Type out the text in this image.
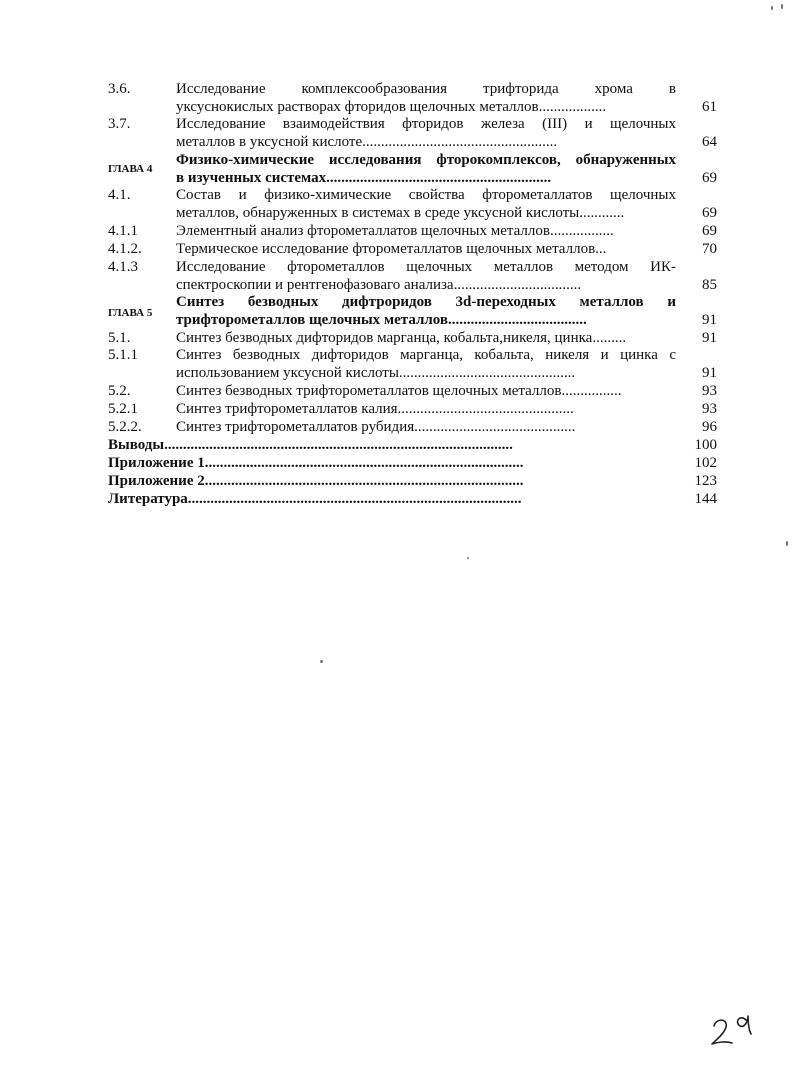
3.6.	Исследование комплексообразования трифторида хрома в
уксуснокислых растворах фторидов щелочных металлов..................	61
3.7.	Исследование взаимодействия фторидов железа (III) и щелочных
металлов в уксусной кислоте....................................................	64
ГЛАВА 4
Физико-химические исследования фторокомплексов, обнаруженных
в изученных системах............................................................	69
4.1.	Состав и физико-химические свойства фторометаллатов щелочных
металлов, обнаруженных в системах в среде уксусной кислоты............	69
4.1.1	Элементный анализ фторометаллатов щелочных металлов.................	69
4.1.2. Термическое исследование фторометаллатов щелочных металлов...	70
4.1.3	Исследование фторометаллов щелочных металлов методом ИК-
спектроскопии и рентгенофазоваго анализа..................................	85
ГЛАВА 5
Синтез безводных дифтроридов 3d-переходных металлов и
трифторометаллов щелочных металлов.....................................	91
5.1.	Синтез безводных дифторидов марганца, кобальта,никеля, цинка.........	91
5.1.1	Синтез безводных дифторидов марганца, кобальта, никеля и цинка с
использованием уксусной кислоты...............................................	91
5.2.	Синтез безводных трифторометаллатов щелочных металлов................	93
5.2.1	Синтез трифторометаллатов калия...............................................	93
5.2.2. Синтез трифторометаллатов рубидия...........................................	96
Выводы.............................................................................................	100
Приложение 1.....................................................................................	102
Приложение 2.....................................................................................	123
Литература.........................................................................................	144
